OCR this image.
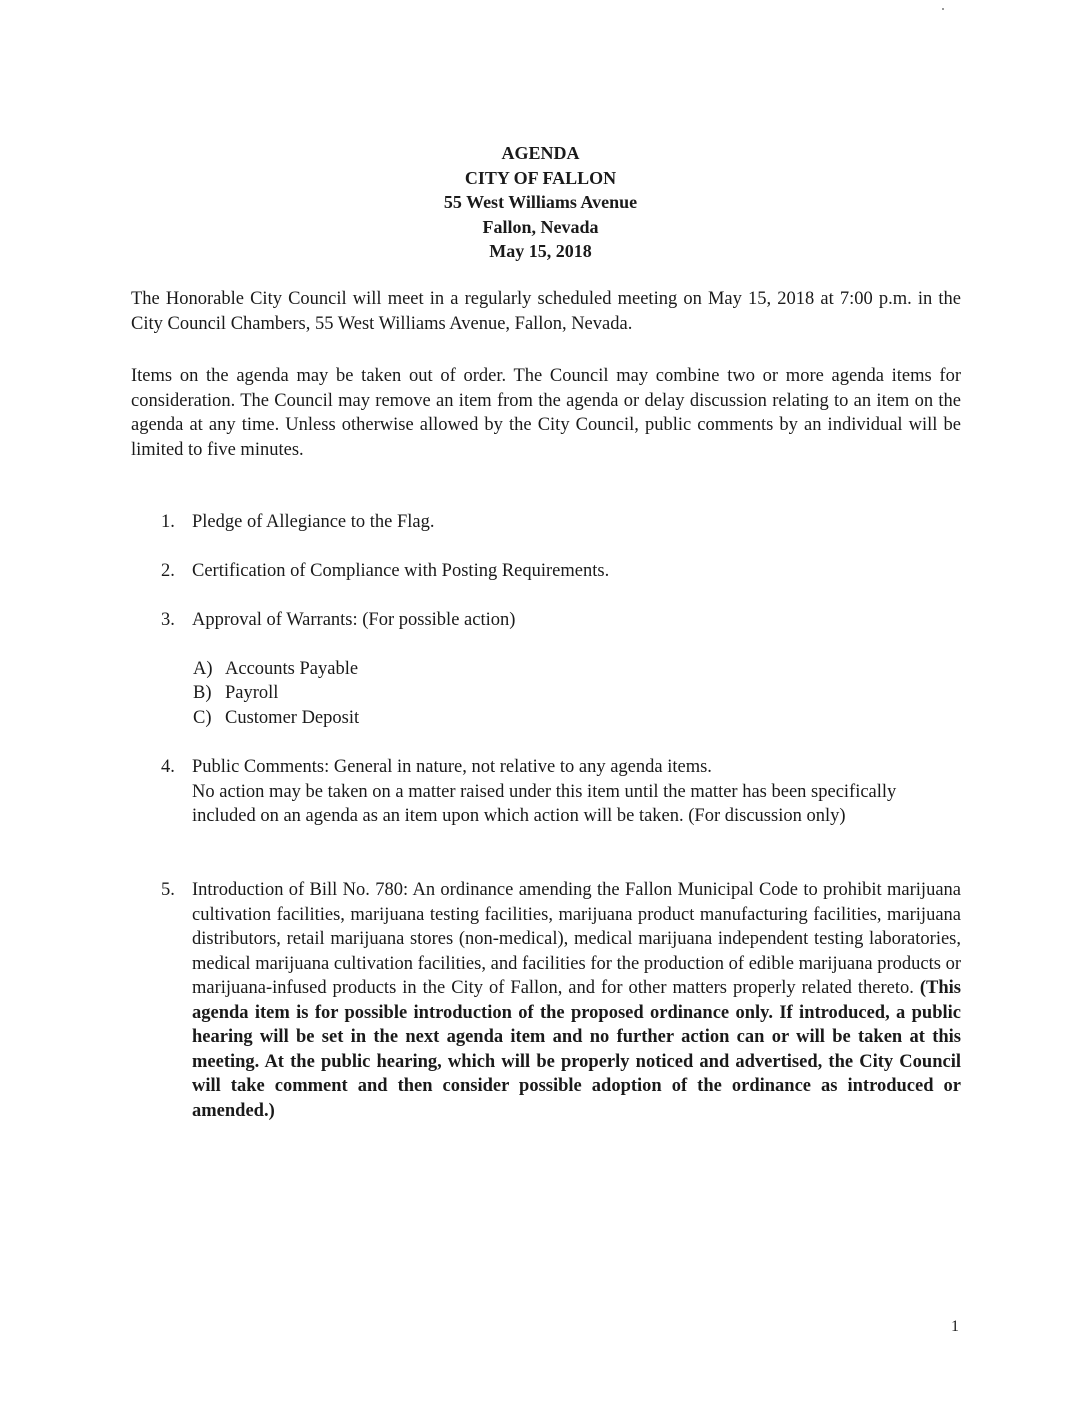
AGENDA
CITY OF FALLON
55 West Williams Avenue
Fallon, Nevada
May 15, 2018
The Honorable City Council will meet in a regularly scheduled meeting on May 15, 2018 at 7:00 p.m. in the City Council Chambers, 55 West Williams Avenue, Fallon, Nevada.
Items on the agenda may be taken out of order. The Council may combine two or more agenda items for consideration. The Council may remove an item from the agenda or delay discussion relating to an item on the agenda at any time. Unless otherwise allowed by the City Council, public comments by an individual will be limited to five minutes.
1. Pledge of Allegiance to the Flag.
2. Certification of Compliance with Posting Requirements.
3. Approval of Warrants: (For possible action)
A) Accounts Payable
B) Payroll
C) Customer Deposit
4. Public Comments: General in nature, not relative to any agenda items.
No action may be taken on a matter raised under this item until the matter has been specifically included on an agenda as an item upon which action will be taken. (For discussion only)
5. Introduction of Bill No. 780: An ordinance amending the Fallon Municipal Code to prohibit marijuana cultivation facilities, marijuana testing facilities, marijuana product manufacturing facilities, marijuana distributors, retail marijuana stores (non-medical), medical marijuana independent testing laboratories, medical marijuana cultivation facilities, and facilities for the production of edible marijuana products or marijuana-infused products in the City of Fallon, and for other matters properly related thereto. (This agenda item is for possible introduction of the proposed ordinance only. If introduced, a public hearing will be set in the next agenda item and no further action can or will be taken at this meeting. At the public hearing, which will be properly noticed and advertised, the City Council will take comment and then consider possible adoption of the ordinance as introduced or amended.)
1
